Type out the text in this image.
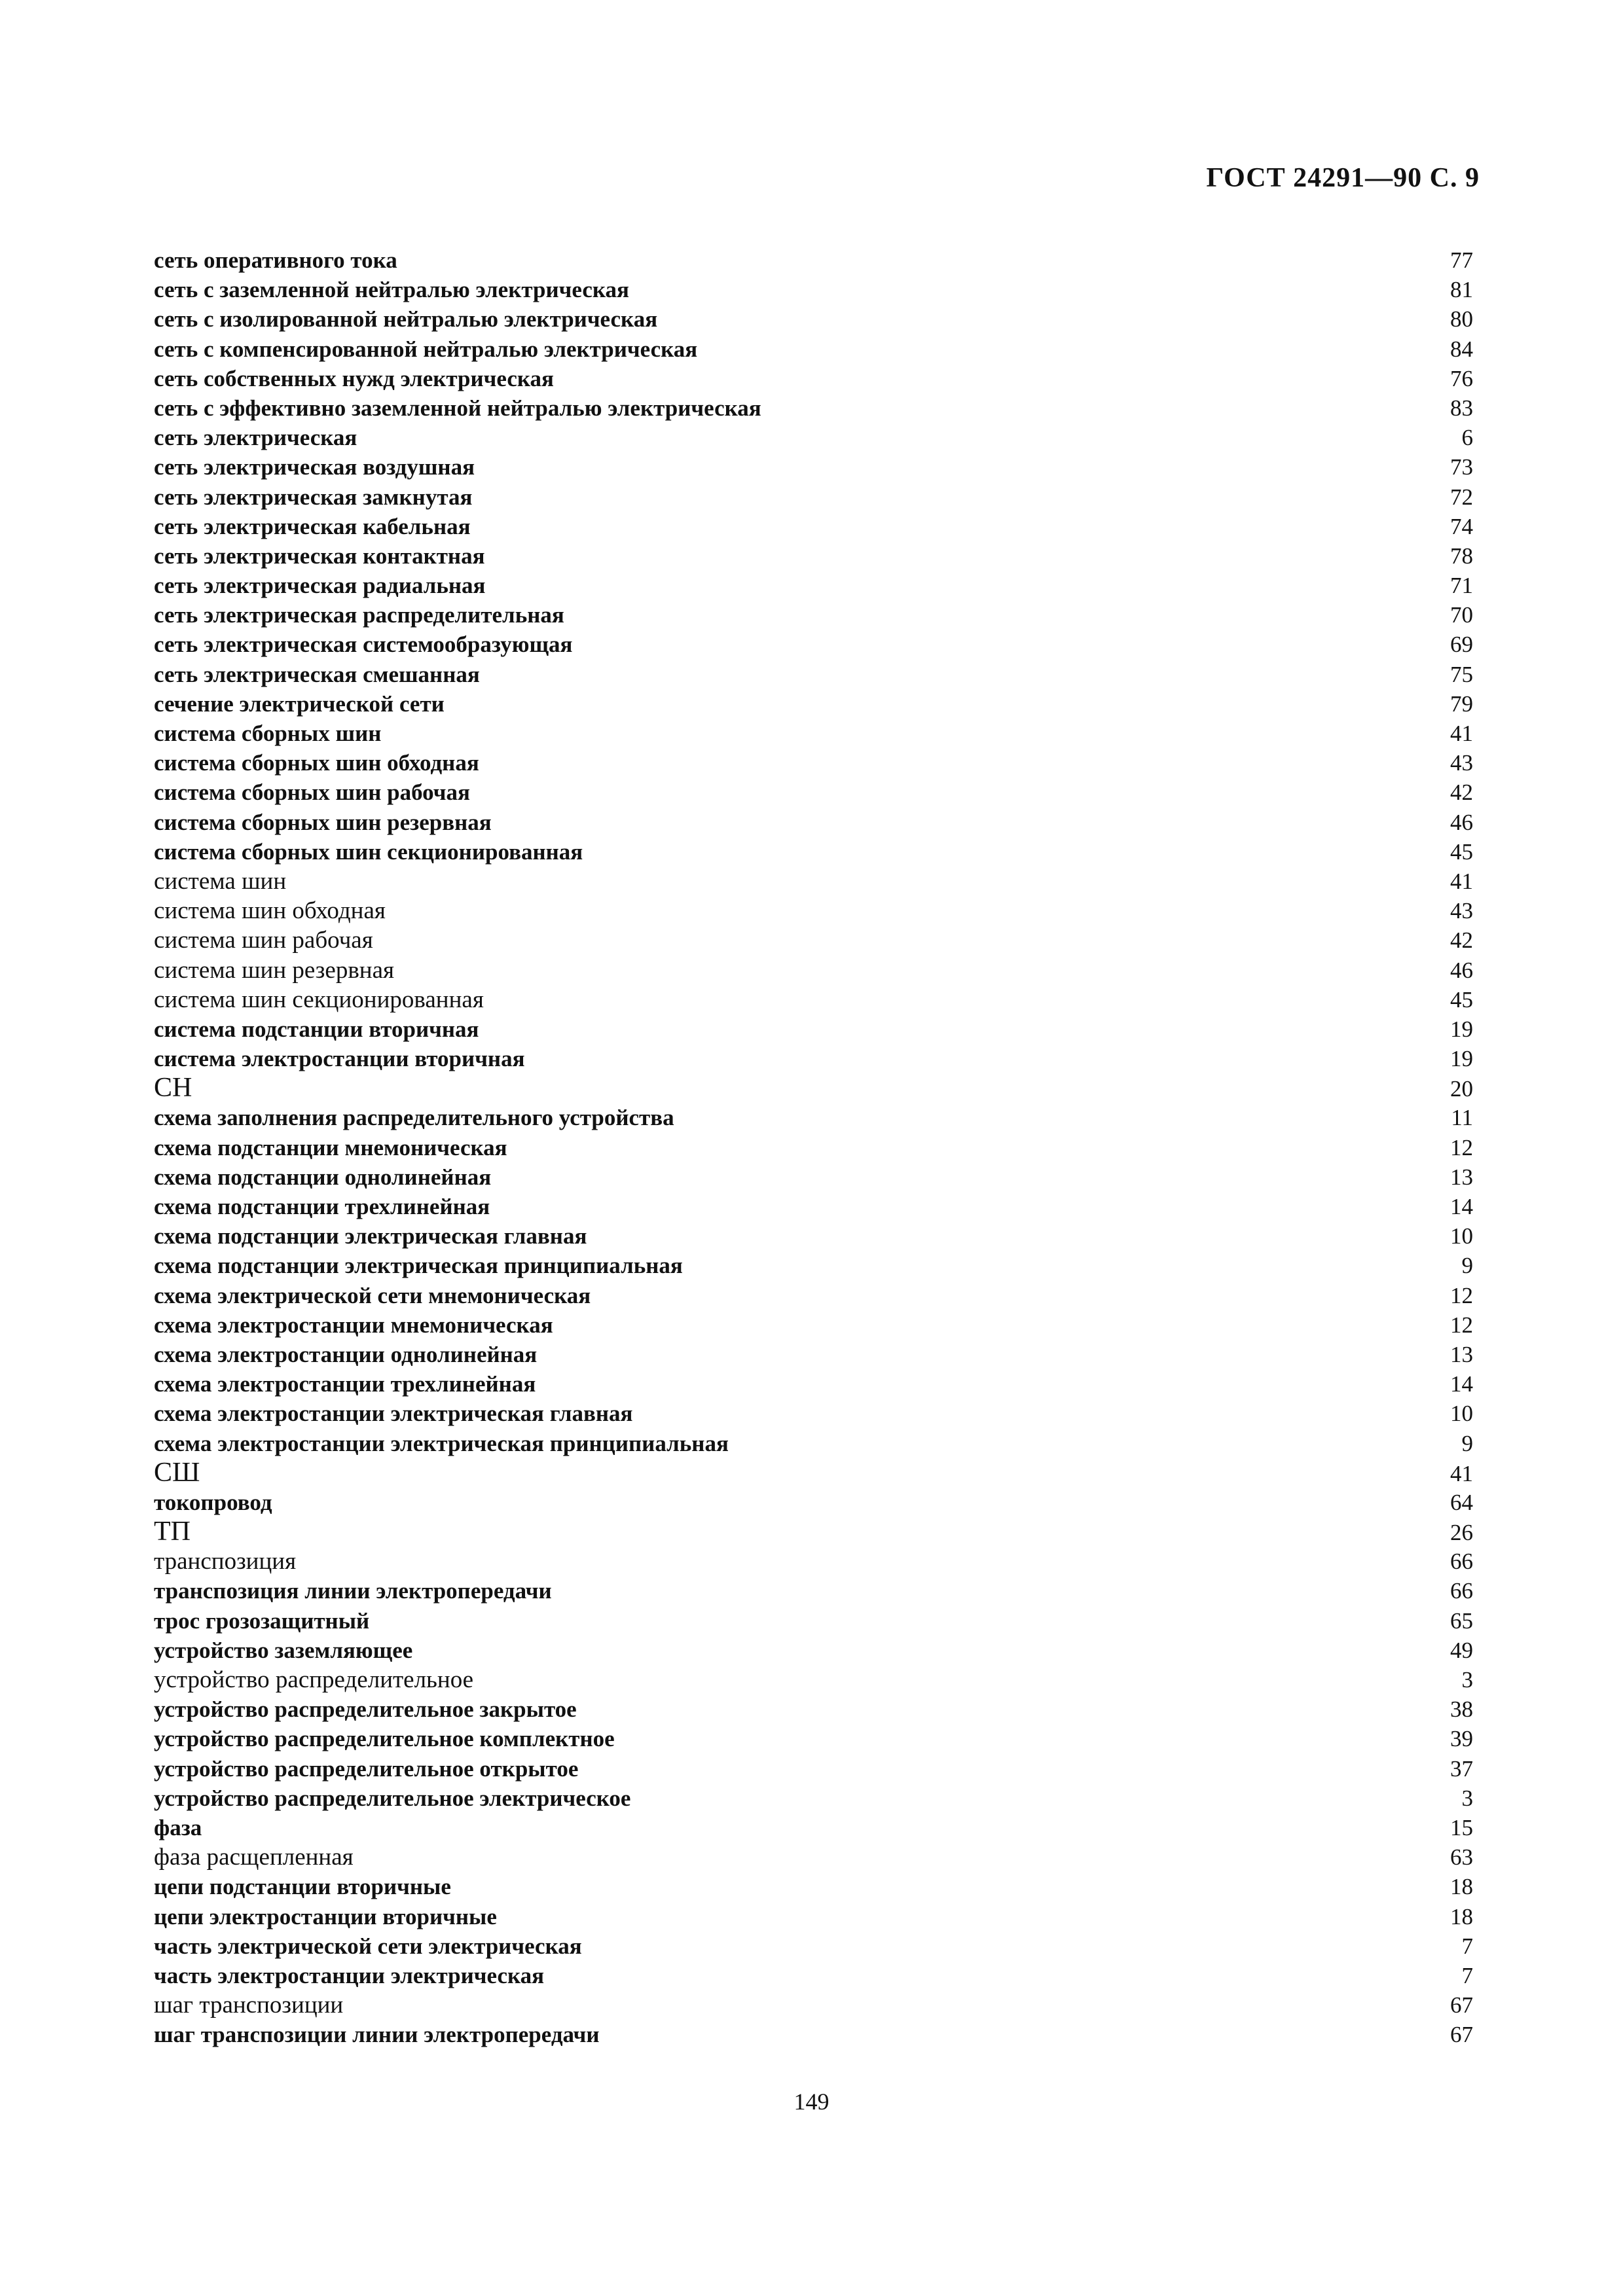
ГОСТ 24291—90 С. 9
сеть оперативного тока	77
сеть с заземленной нейтралью электрическая	81
сеть с изолированной нейтралью электрическая	80
сеть с компенсированной нейтралью электрическая	84
сеть собственных нужд электрическая	76
сеть с эффективно заземленной нейтралью электрическая	83
сеть электрическая	6
сеть электрическая воздушная	73
сеть электрическая замкнутая	72
сеть электрическая кабельная	74
сеть электрическая контактная	78
сеть электрическая радиальная	71
сеть электрическая распределительная	70
сеть электрическая системообразующая	69
сеть электрическая смешанная	75
сечение электрической сети	79
система сборных шин	41
система сборных шин обходная	43
система сборных шин рабочая	42
система сборных шин резервная	46
система сборных шин секционированная	45
система шин	41
система шин обходная	43
система шин рабочая	42
система шин резервная	46
система шин секционированная	45
система подстанции вторичная	19
система электростанции вторичная	19
СН	20
схема заполнения распределительного устройства	11
схема подстанции мнемоническая	12
схема подстанции однолинейная	13
схема подстанции трехлинейная	14
схема подстанции электрическая главная	10
схема подстанции электрическая принципиальная	9
схема электрической сети мнемоническая	12
схема электростанции мнемоническая	12
схема электростанции однолинейная	13
схема электростанции трехлинейная	14
схема электростанции электрическая главная	10
схема электростанции электрическая принципиальная	9
СШ	41
токопровод	64
ТП	26
транспозиция	66
транспозиция линии электропередачи	66
трос грозозащитный	65
устройство заземляющее	49
устройство распределительное	3
устройство распределительное закрытое	38
устройство распределительное комплектное	39
устройство распределительное открытое	37
устройство распределительное электрическое	3
фаза	15
фаза расщепленная	63
цепи подстанции вторичные	18
цепи электростанции вторичные	18
часть электрической сети электрическая	7
часть электростанции электрическая	7
шаг транспозиции	67
шаг транспозиции линии электропередачи	67
149
